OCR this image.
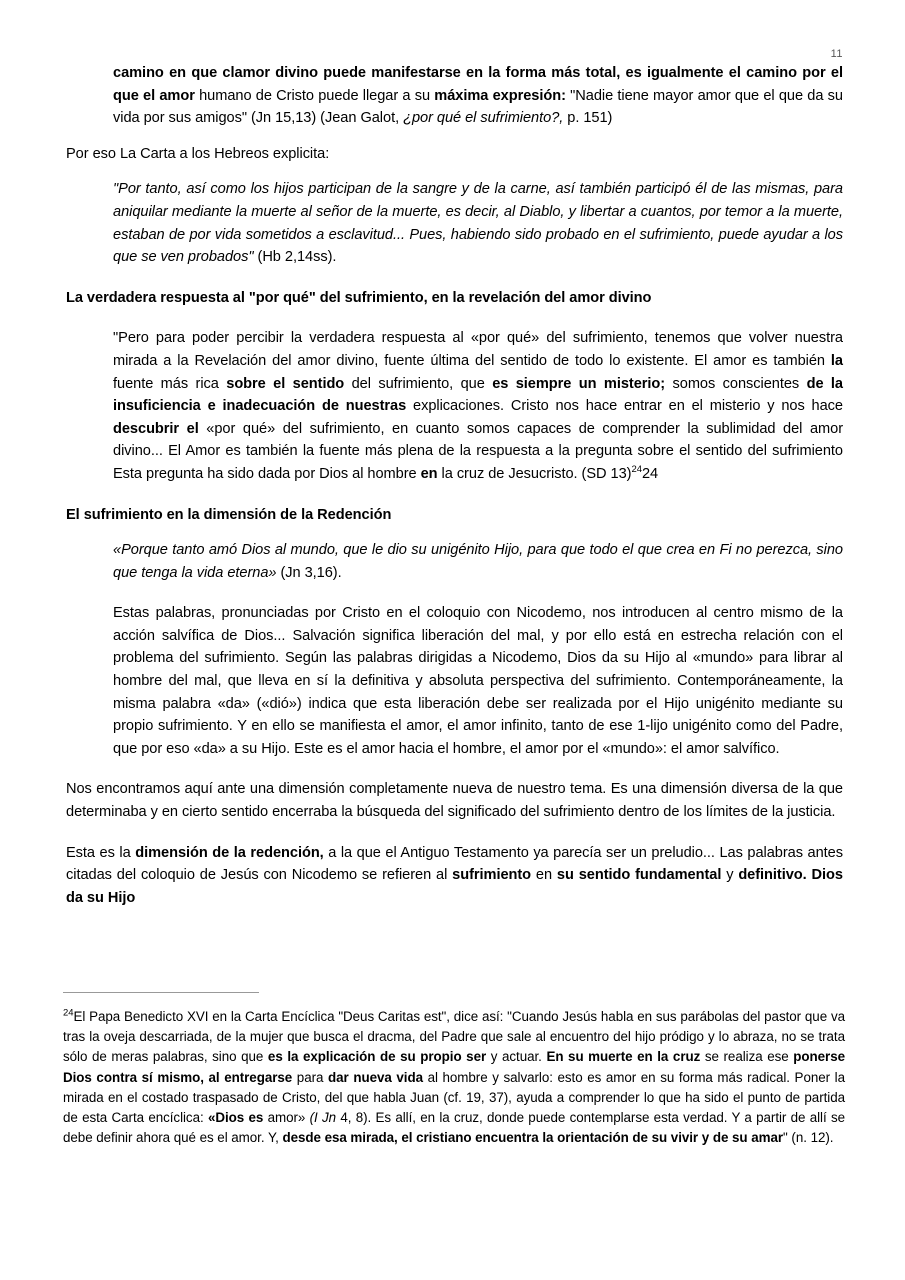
11

camino en que clamor divino puede manifestarse en la forma más total, es igualmente el camino por el que el amor humano de Cristo puede llegar a su máxima expresión: "Nadie tiene mayor amor que el que da su vida por sus amigos" (Jn 15,13) (Jean Galot, ¿por qué el sufrimiento?, p. 151)

Por eso La Carta a los Hebreos explicita:

"Por tanto, así como los hijos participan de la sangre y de la carne, así también participó él de las mismas, para aniquilar mediante la muerte al señor de la muerte, es decir, al Diablo, y libertar a cuantos, por temor a la muerte, estaban de por vida sometidos a esclavitud... Pues, habiendo sido probado en el sufrimiento, puede ayudar a los que se ven probados" (Hb 2,14ss).

La verdadera respuesta al "por qué" del sufrimiento, en la revelación del amor divino

"Pero para poder percibir la verdadera respuesta al «por qué» del sufrimiento, tenemos que volver nuestra mirada a la Revelación del amor divino, fuente última del sentido de todo lo existente. El amor es también la fuente más rica sobre el sentido del sufrimiento, que es siempre un misterio; somos conscientes de la insuficiencia e inadecuación de nuestras explicaciones. Cristo nos hace entrar en el misterio y nos hace descubrir el «por qué» del sufrimiento, en cuanto somos capaces de comprender la sublimidad del amor divino... El Amor es también la fuente más plena de la respuesta a la pregunta sobre el sentido del sufrimiento Esta pregunta ha sido dada por Dios al hombre en la cruz de Jesucristo. (SD 13)$^{24}$24

El sufrimiento en la dimensión de la Redención

«Porque tanto amó Dios al mundo, que le dio su unigénito Hijo, para que todo el que crea en Fi no perezca, sino que tenga la vida eterna» (Jn 3,16).

Estas palabras, pronunciadas por Cristo en el coloquio con Nicodemo, nos introducen al centro mismo de la acción salvífica de Dios... Salvación significa liberación del mal, y por ello está en estrecha relación con el problema del sufrimiento. Según las palabras dirigidas a Nicodemo, Dios da su Hijo al «mundo» para librar al hombre del mal, que lleva en sí la definitiva y absoluta perspectiva del sufrimiento. Contemporáneamente, la misma palabra «da» («dió») indica que esta liberación debe ser realizada por el Hijo unigénito mediante su propio sufrimiento. Y en ello se manifiesta el amor, el amor infinito, tanto de ese 1-lijo unigénito como del Padre, que por eso «da» a su Hijo. Este es el amor hacia el hombre, el amor por el «mundo»: el amor salvífico.

Nos encontramos aquí ante una dimensión completamente nueva de nuestro tema. Es una dimensión diversa de la que determinaba y en cierto sentido encerraba la búsqueda del significado del sufrimiento dentro de los límites de la justicia.

Esta es la dimensión de la redención, a la que el Antiguo Testamento ya parecía ser un preludio... Las palabras antes citadas del coloquio de Jesús con Nicodemo se refieren al sufrimiento en su sentido fundamental y definitivo. Dios da su Hijo

$^{24}$El Papa Benedicto XVI en la Carta Encíclica "Deus Caritas est", dice así: "Cuando Jesús habla en sus parábolas del pastor que va tras la oveja descarriada, de la mujer que busca el dracma, del Padre que sale al encuentro del hijo pródigo y lo abraza, no se trata sólo de meras palabras, sino que es la explicación de su propio ser y actuar. En su muerte en la cruz se realiza ese ponerse Dios contra sí mismo, al entregarse para dar nueva vida al hombre y salvarlo: esto es amor en su forma más radical. Poner la mirada en el costado traspasado de Cristo, del que habla Juan (cf. 19, 37), ayuda a comprender lo que ha sido el punto de partida de esta Carta encíclica: «Dios es amor» (I Jn 4, 8). Es allí, en la cruz, donde puede contemplarse esta verdad. Y a partir de allí se debe definir ahora qué es el amor. Y, desde esa mirada, el cristiano encuentra la orientación de su vivir y de su amar" (n. 12).
